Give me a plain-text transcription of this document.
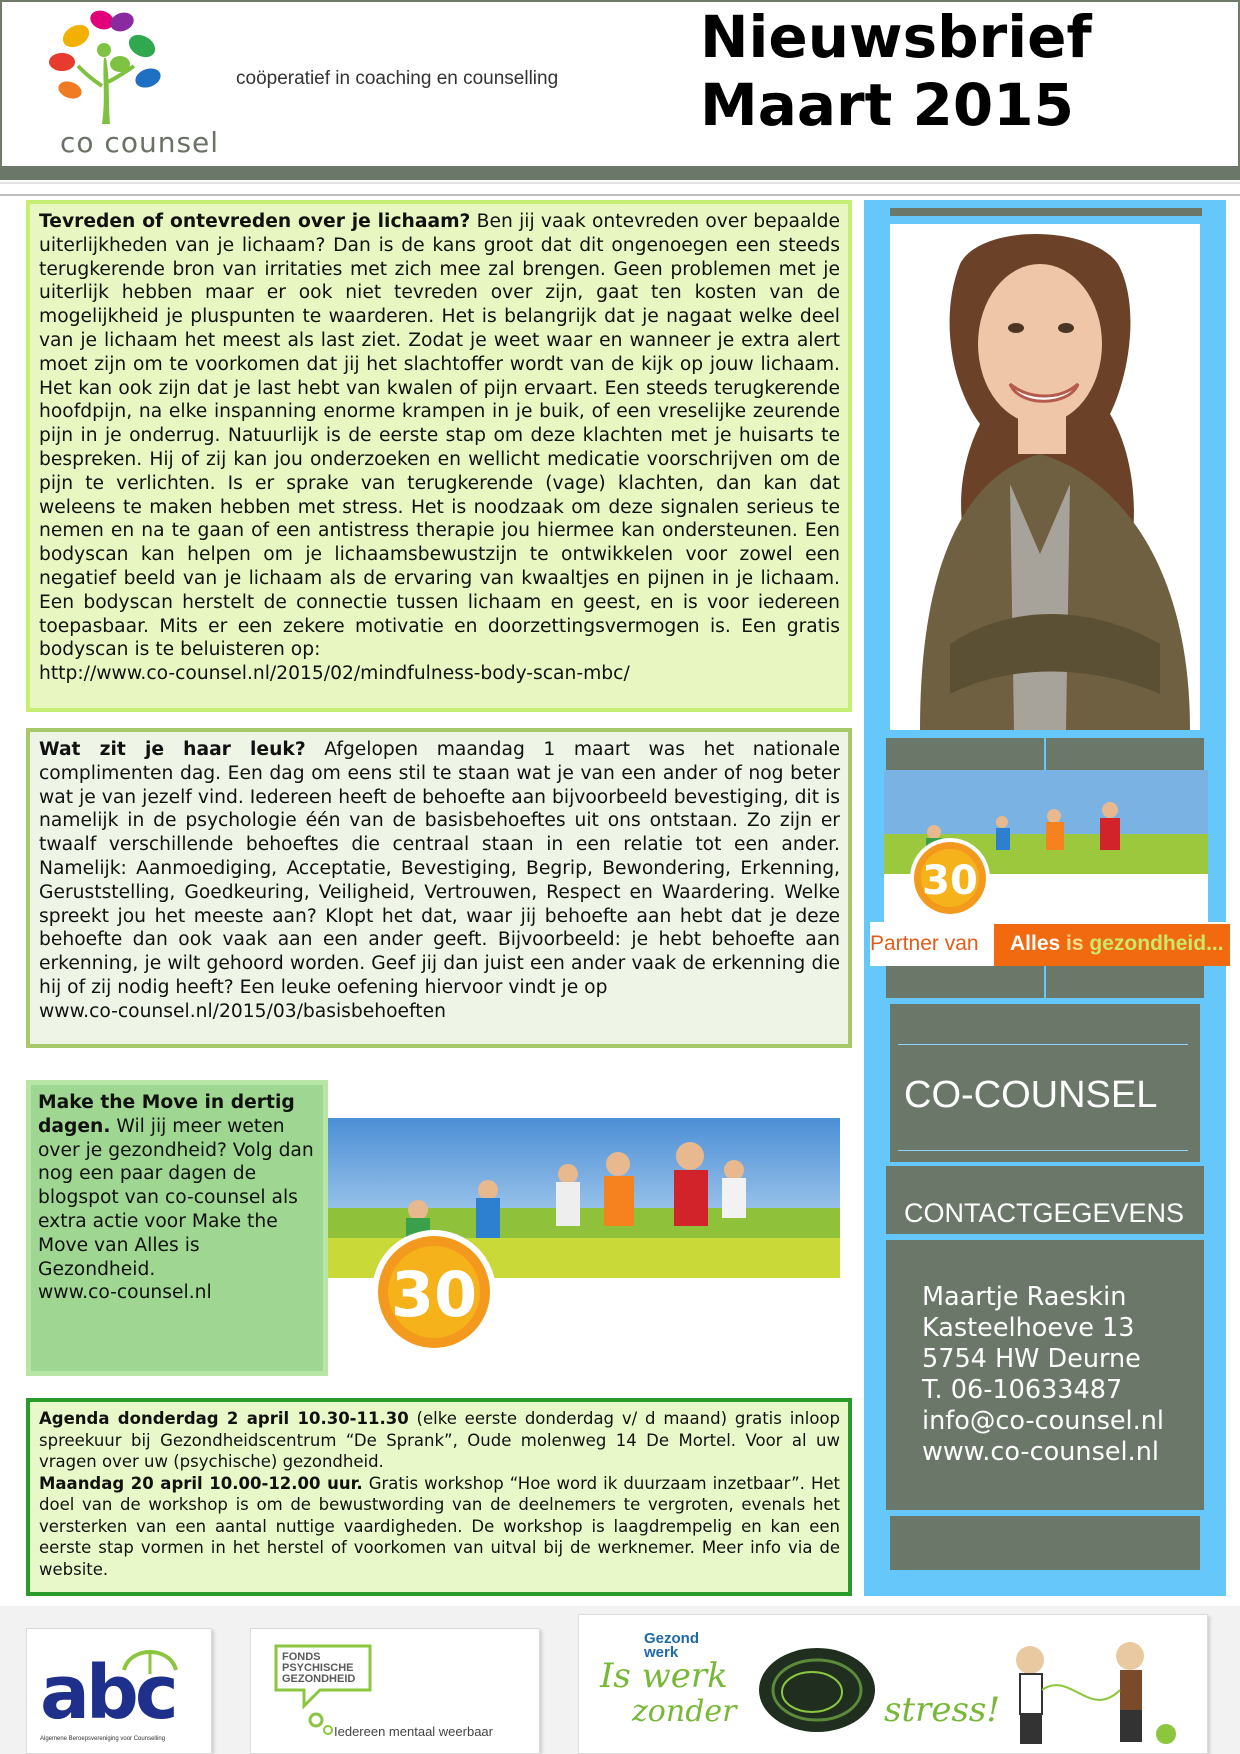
co counsel
coöperatief in coaching en counselling
Nieuwsbrief
Maart 2015
Tevreden of ontevreden over je lichaam? Ben jij vaak ontevreden over bepaalde uiterlijkheden van je lichaam? Dan is de kans groot dat dit ongenoegen een steeds terugkerende bron van irritaties met zich mee zal brengen. Geen problemen met je uiterlijk hebben maar er ook niet tevreden over zijn, gaat ten kosten van de mogelijkheid je pluspunten te waarderen. Het is belangrijk dat je nagaat welke deel van je lichaam het meest als last ziet. Zodat je weet waar en wanneer je extra alert moet zijn om te voorkomen dat jij het slachtoffer wordt van de kijk op jouw lichaam. Het kan ook zijn dat je last hebt van kwalen of pijn ervaart. Een steeds terugkerende hoofdpijn, na elke inspanning enorme krampen in je buik, of een vreselijke zeurende pijn in je onderrug. Natuurlijk is de eerste stap om deze klachten met je huisarts te bespreken. Hij of zij kan jou onderzoeken en wellicht medicatie voorschrijven om de pijn te verlichten. Is er sprake van terugkerende (vage) klachten, dan kan dat weleens te maken hebben met stress. Het is noodzaak om deze signalen serieus te nemen en na te gaan of een antistress therapie jou hiermee kan ondersteunen. Een bodyscan kan helpen om je lichaamsbewustzijn te ontwikkelen voor zowel een negatief beeld van je lichaam als de ervaring van kwaaltjes en pijnen in je lichaam. Een bodyscan herstelt de connectie tussen lichaam en geest, en is voor iedereen toepasbaar. Mits er een zekere motivatie en doorzettingsvermogen is. Een gratis bodyscan is te beluisteren op:
http://www.co-counsel.nl/2015/02/mindfulness-body-scan-mbc/
Wat zit je haar leuk? Afgelopen maandag 1 maart was het nationale complimenten dag. Een dag om eens stil te staan wat je van een ander of nog beter wat je van jezelf vind. Iedereen heeft de behoefte aan bijvoorbeeld bevestiging, dit is namelijk in de psychologie één van de basisbehoeftes uit ons ontstaan. Zo zijn er twaalf verschillende behoeftes die centraal staan in een relatie tot een ander. Namelijk: Aanmoediging, Acceptatie, Bevestiging, Begrip, Bewondering, Erkenning, Geruststelling, Goedkeuring, Veiligheid, Vertrouwen, Respect en Waardering. Welke spreekt jou het meeste aan? Klopt het dat, waar jij behoefte aan hebt dat je deze behoefte dan ook vaak aan een ander geeft. Bijvoorbeeld: je hebt behoefte aan erkenning, je wilt gehoord worden. Geef jij dan juist een ander vaak de erkenning die hij of zij nodig heeft? Een leuke oefening hiervoor vindt je op
www.co-counsel.nl/2015/03/basisbehoeften
Make the Move in dertig dagen. Wil jij meer weten over je gezondheid? Volg dan nog een paar dagen de blogspot van co-counsel als extra actie voor Make the Move van Alles is Gezondheid.
www.co-counsel.nl	30
Agenda donderdag 2 april 10.30-11.30 (elke eerste donderdag v/ d maand) gratis inloop spreekuur bij Gezondheidscentrum “De Sprank”, Oude molenweg 14 De Mortel. Voor al uw vragen over uw (psychische) gezondheid.
Maandag 20 april 10.00-12.00 uur. Gratis workshop “Hoe word ik duurzaam inzetbaar”. Het doel van de workshop is om de bewustwording van de deelnemers te vergroten, evenals het versterken van een aantal nuttige vaardigheden. De workshop is laagdrempelig en kan een eerste stap vormen in het herstel of voorkomen van uitval bij de werknemer. Meer info via de website.
30
Partner van Alles is gezondheid...
CO-COUNSEL
CONTACTGEGEVENS
Maartje Raeskin
Kasteelhoeve 13
5754 HW Deurne
T. 06-10633487
info@co-counsel.nl
www.co-counsel.nl
abc
Algemene Beroepsvereniging voor Counselling
FONDS
PSYCHISCHE
GEZONDHEID
Iedereen mentaal weerbaar
Gezond
werk
Is werk
zonder	stress!
